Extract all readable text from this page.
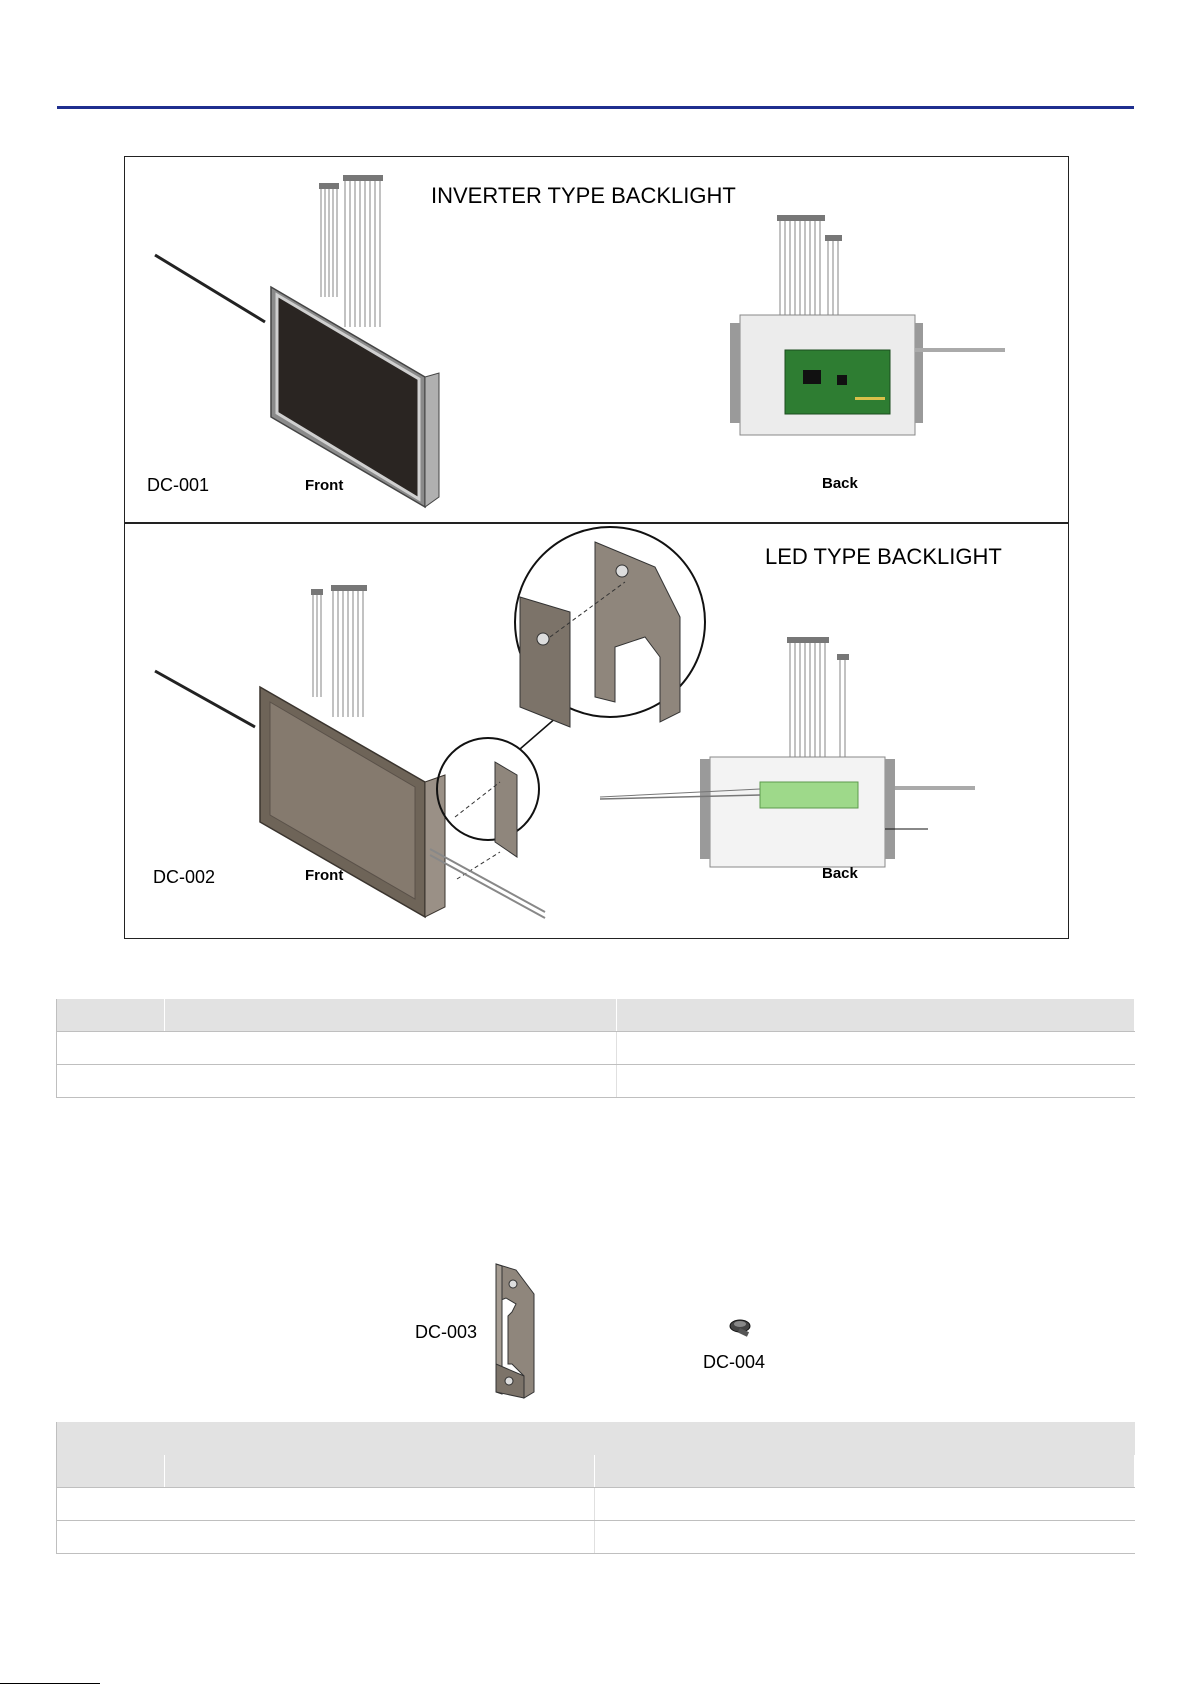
INVERTER TYPE BACKLIGHT
DC-001	Front	Back
LED TYPE BACKLIGHT
DC-002	Front	Back

DC-003
DC-004
